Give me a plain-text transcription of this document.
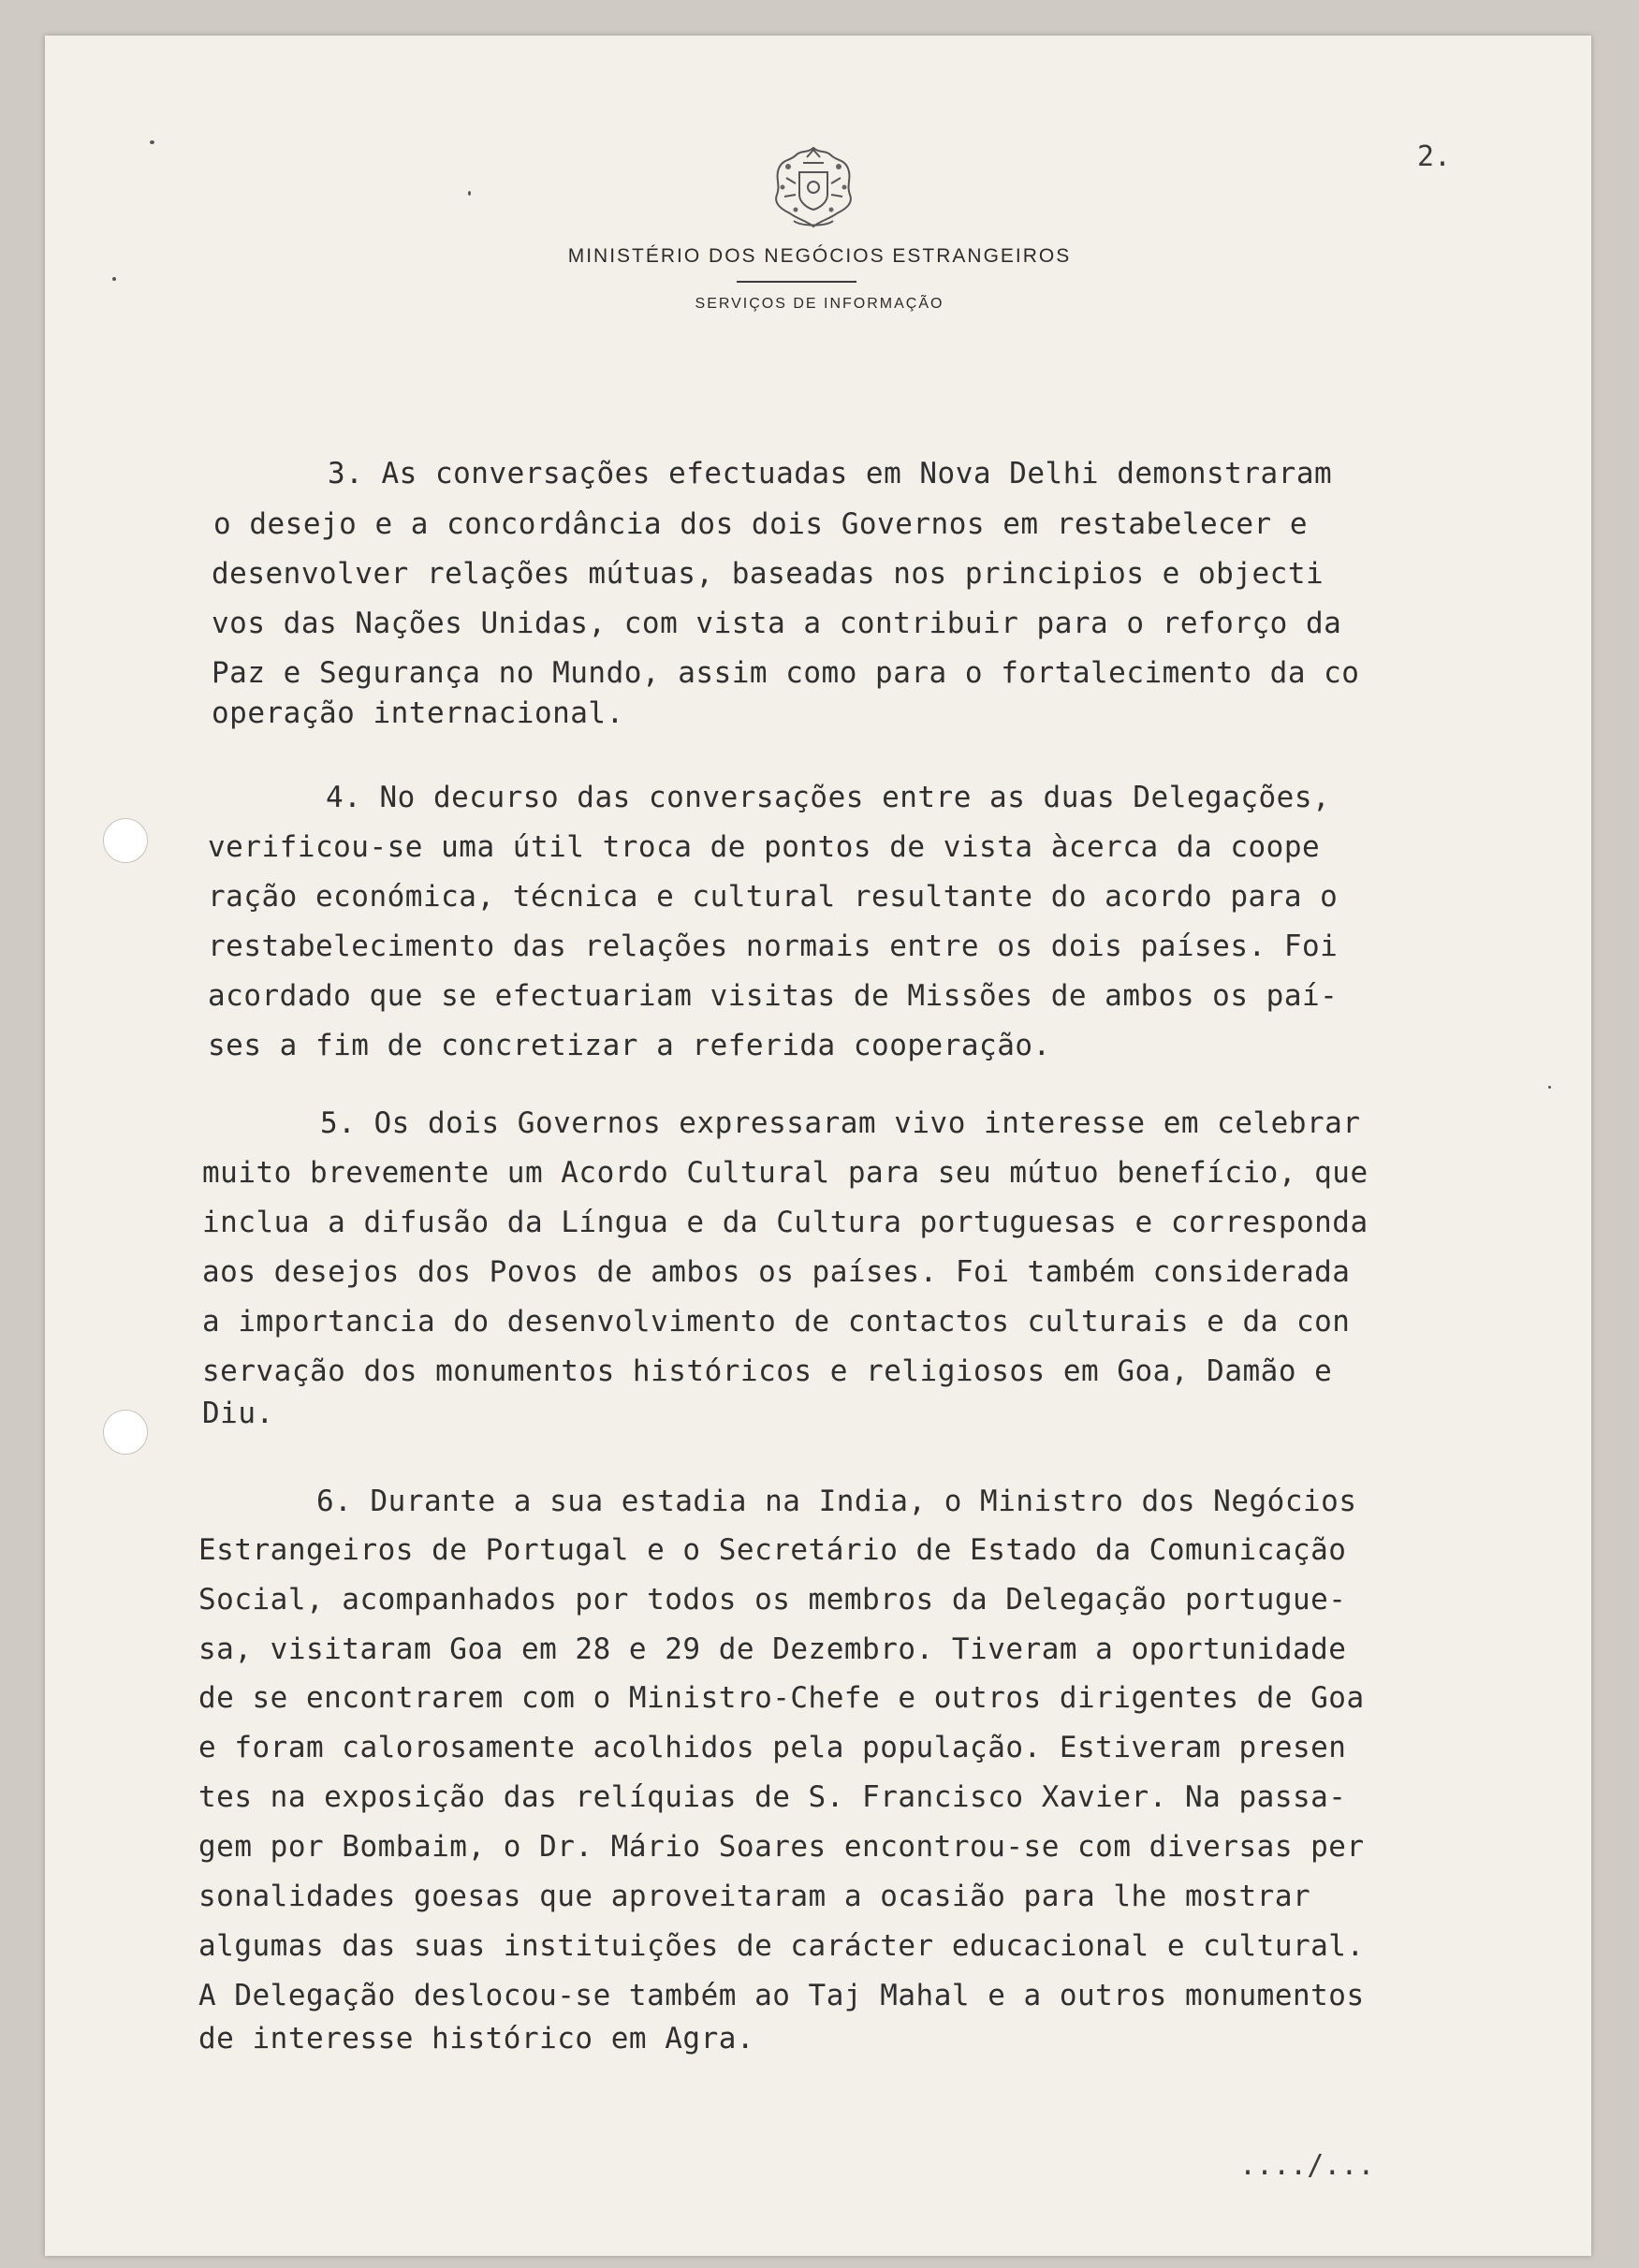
2.
MINISTÉRIO DOS NEGÓCIOS ESTRANGEIROS
SERVIÇOS DE INFORMAÇÃO
3. As conversações efectuadas em Nova Delhi demonstraram
o desejo e a concordância dos dois Governos em restabelecer e
desenvolver relações mútuas, baseadas nos principios e objecti
vos das Nações Unidas, com vista a contribuir para o reforço da
Paz e Segurança no Mundo, assim como para o fortalecimento da co
operação internacional.
4. No decurso das conversações entre as duas Delegações,
verificou-se uma útil troca de pontos de vista àcerca da coope
ração económica, técnica e cultural resultante do acordo para o
restabelecimento das relações normais entre os dois países. Foi
acordado que se efectuariam visitas de Missões de ambos os paí-
ses a fim de concretizar a referida cooperação.
5. Os dois Governos expressaram vivo interesse em celebrar
muito brevemente um Acordo Cultural para seu mútuo benefício, que
inclua a difusão da Língua e da Cultura portuguesas e corresponda
aos desejos dos Povos de ambos os países. Foi também considerada
a importancia do desenvolvimento de contactos culturais e da con
servação dos monumentos históricos e religiosos em Goa, Damão e
Diu.
6. Durante a sua estadia na India, o Ministro dos Negócios
Estrangeiros de Portugal e o Secretário de Estado da Comunicação
Social, acompanhados por todos os membros da Delegação portugue-
sa, visitaram Goa em 28 e 29 de Dezembro. Tiveram a oportunidade
de se encontrarem com o Ministro-Chefe e outros dirigentes de Goa
e foram calorosamente acolhidos pela população. Estiveram presen
tes na exposição das relíquias de S. Francisco Xavier. Na passa-
gem por Bombaim, o Dr. Mário Soares encontrou-se com diversas per
sonalidades goesas que aproveitaram a ocasião para lhe mostrar
algumas das suas instituições de carácter educacional e cultural.
A Delegação deslocou-se também ao Taj Mahal e a outros monumentos
de interesse histórico em Agra.
..../...
